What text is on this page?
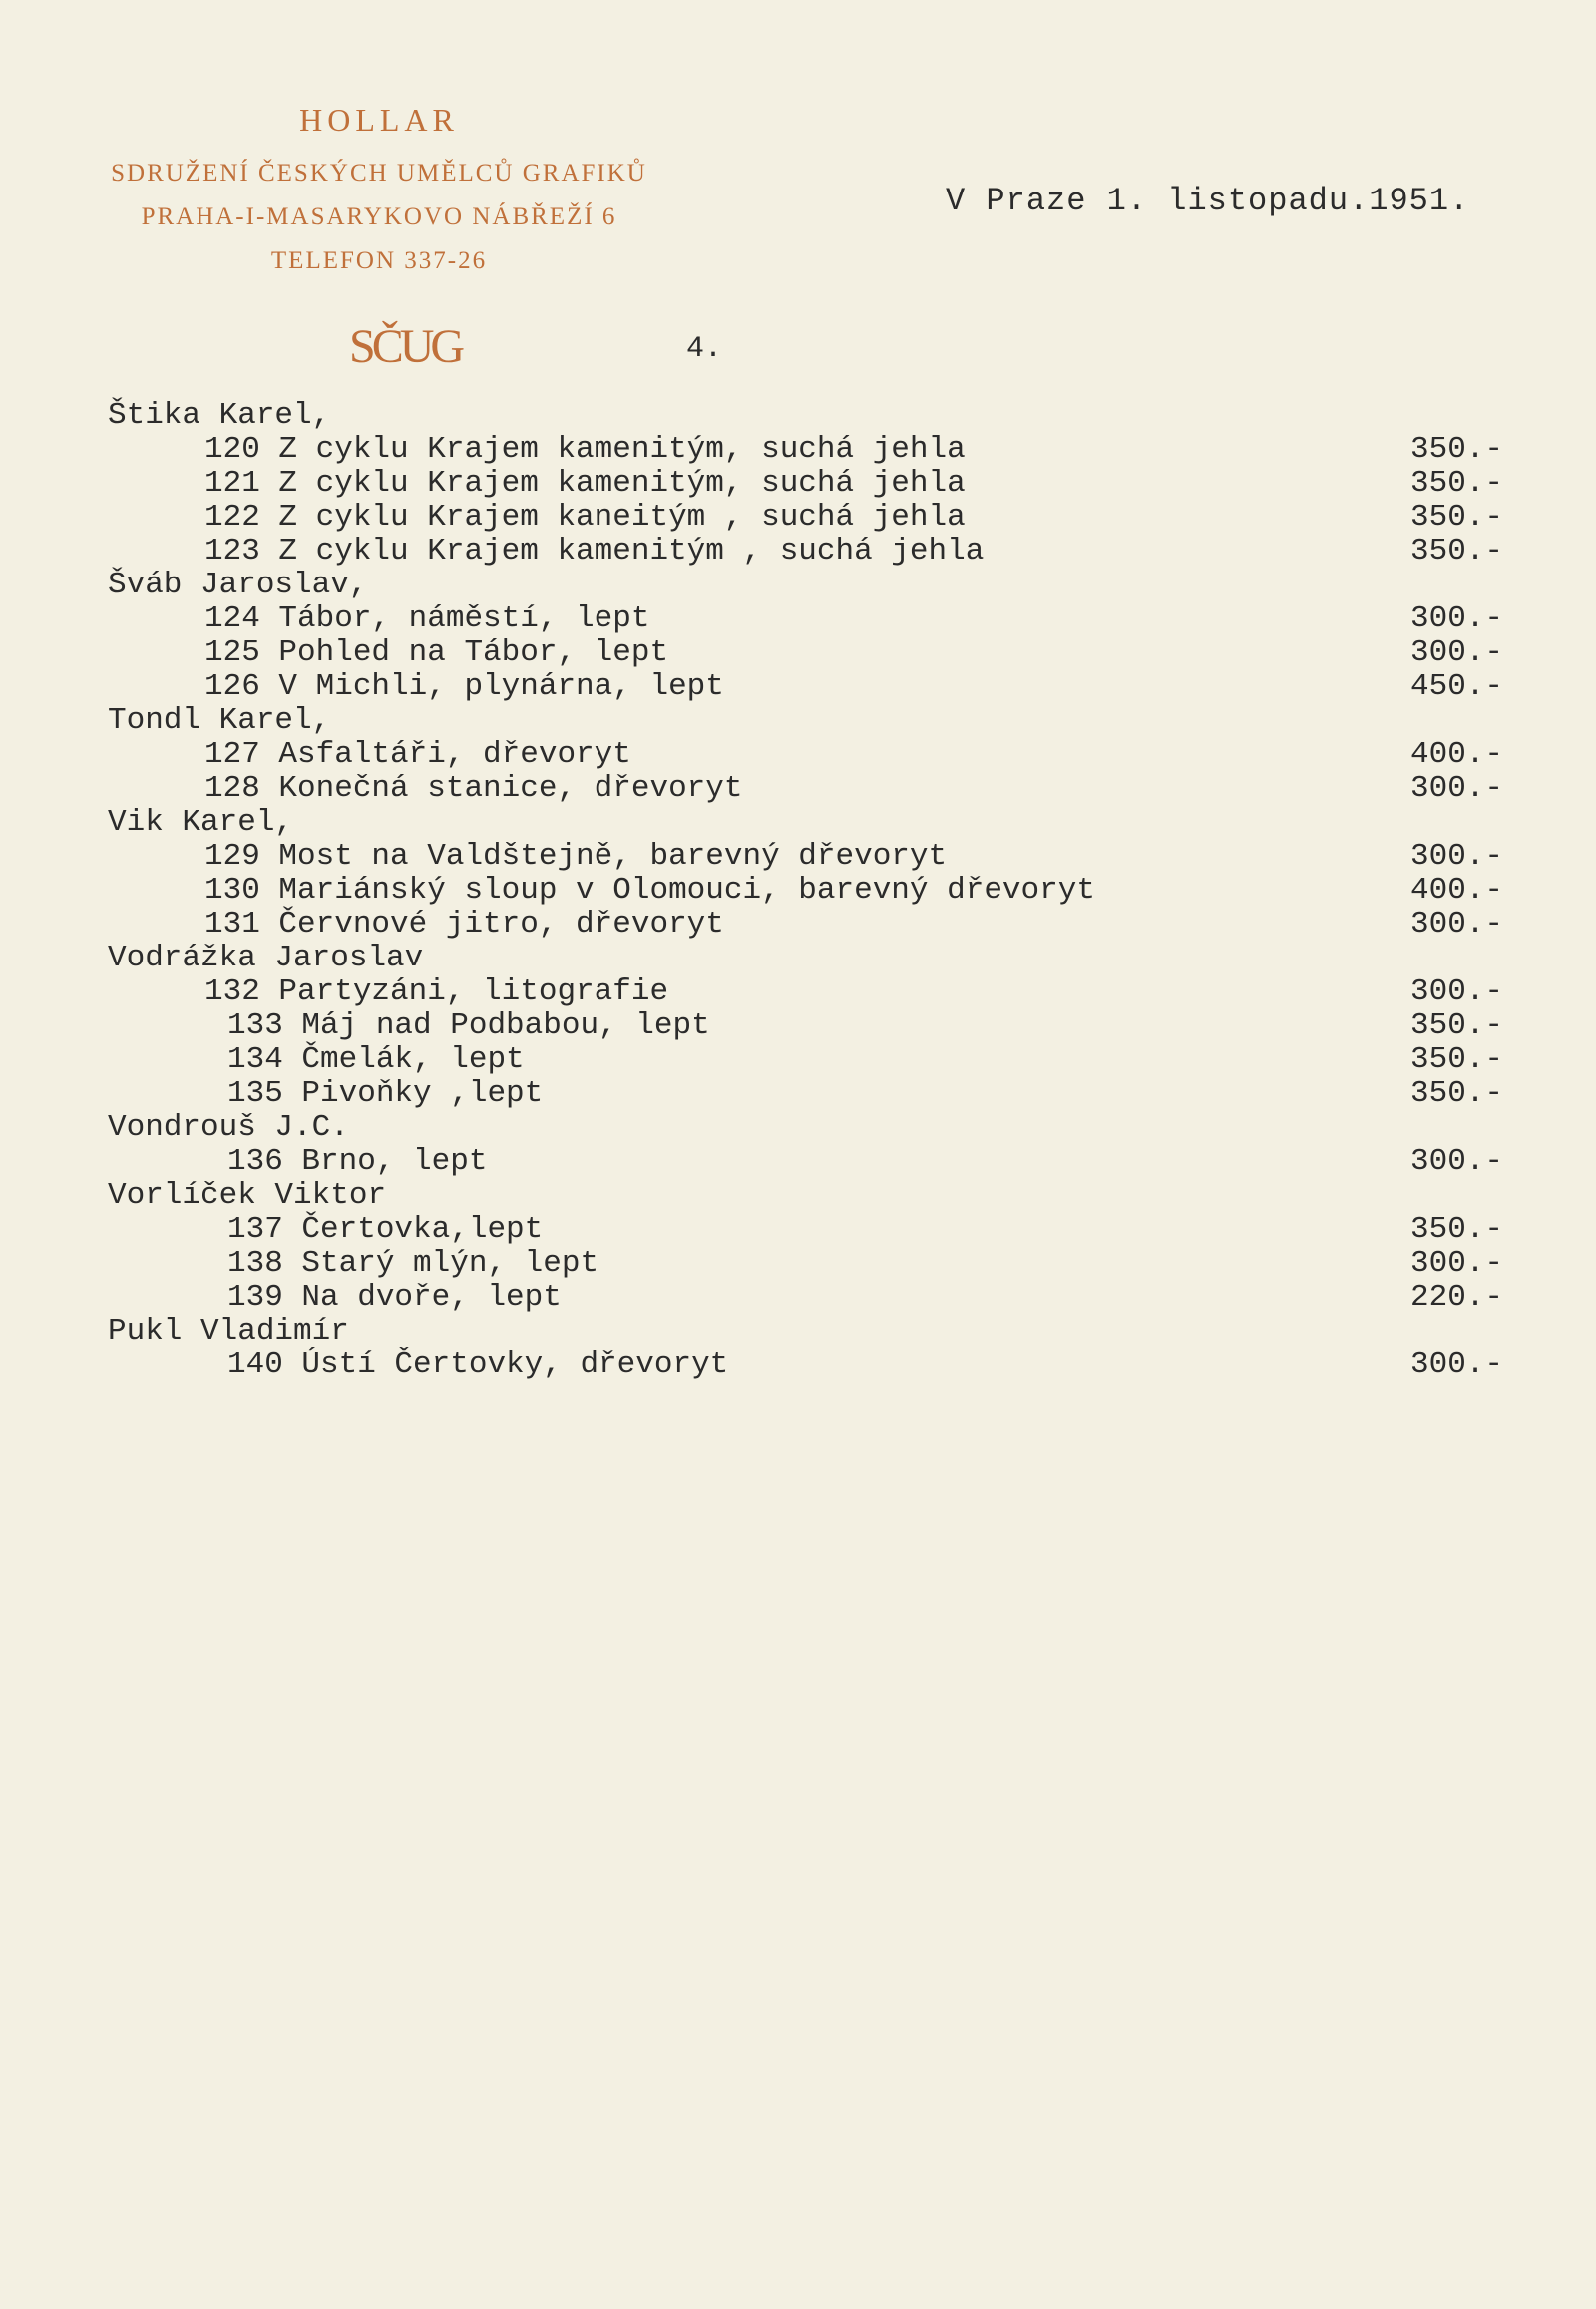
HOLLAR
SDRUŽENÍ ČESKÝCH UMĚLCŮ GRAFIKŮ
PRAHA-I-MASARYKOVO NÁBŘEŽÍ 6
TELEFON 337-26
SČUG
V Praze 1. listopadu.1951.
4.
Štika Karel,
120 Z cyklu Krajem kamenitým, suchá jehla	350.-
121 Z cyklu Krajem kamenitým, suchá jehla	350.-
122 Z cyklu Krajem kaneitým , suchá jehla	350.-
123 Z cyklu Krajem kamenitým , suchá jehla	350.-
Šváb Jaroslav,
124 Tábor, náměstí, lept	300.-
125 Pohled na Tábor, lept	300.-
126 V Michli, plynárna, lept	450.-
Tondl Karel,
127 Asfaltáři, dřevoryt	400.-
128 Konečná stanice, dřevoryt	300.-
Vik Karel,
129 Most na Valdštejně, barevný dřevoryt	300.-
130 Mariánský sloup v Olomouci, barevný dřevoryt	400.-
131 Červnové jitro, dřevoryt	300.-
Vodrážka Jaroslav
132 Partyzáni, litografie	300.-
133 Máj nad Podbabou, lept	350.-
134 Čmelák, lept	350.-
135 Pivoňky ,lept	350.-
Vondrouš J.C.
136 Brno, lept	300.-
Vorlíček Viktor
137 Čertovka,lept	350.-
138 Starý mlýn, lept	300.-
139 Na dvoře, lept	220.-
Pukl Vladimír
140 Ústí Čertovky, dřevoryt	300.-
